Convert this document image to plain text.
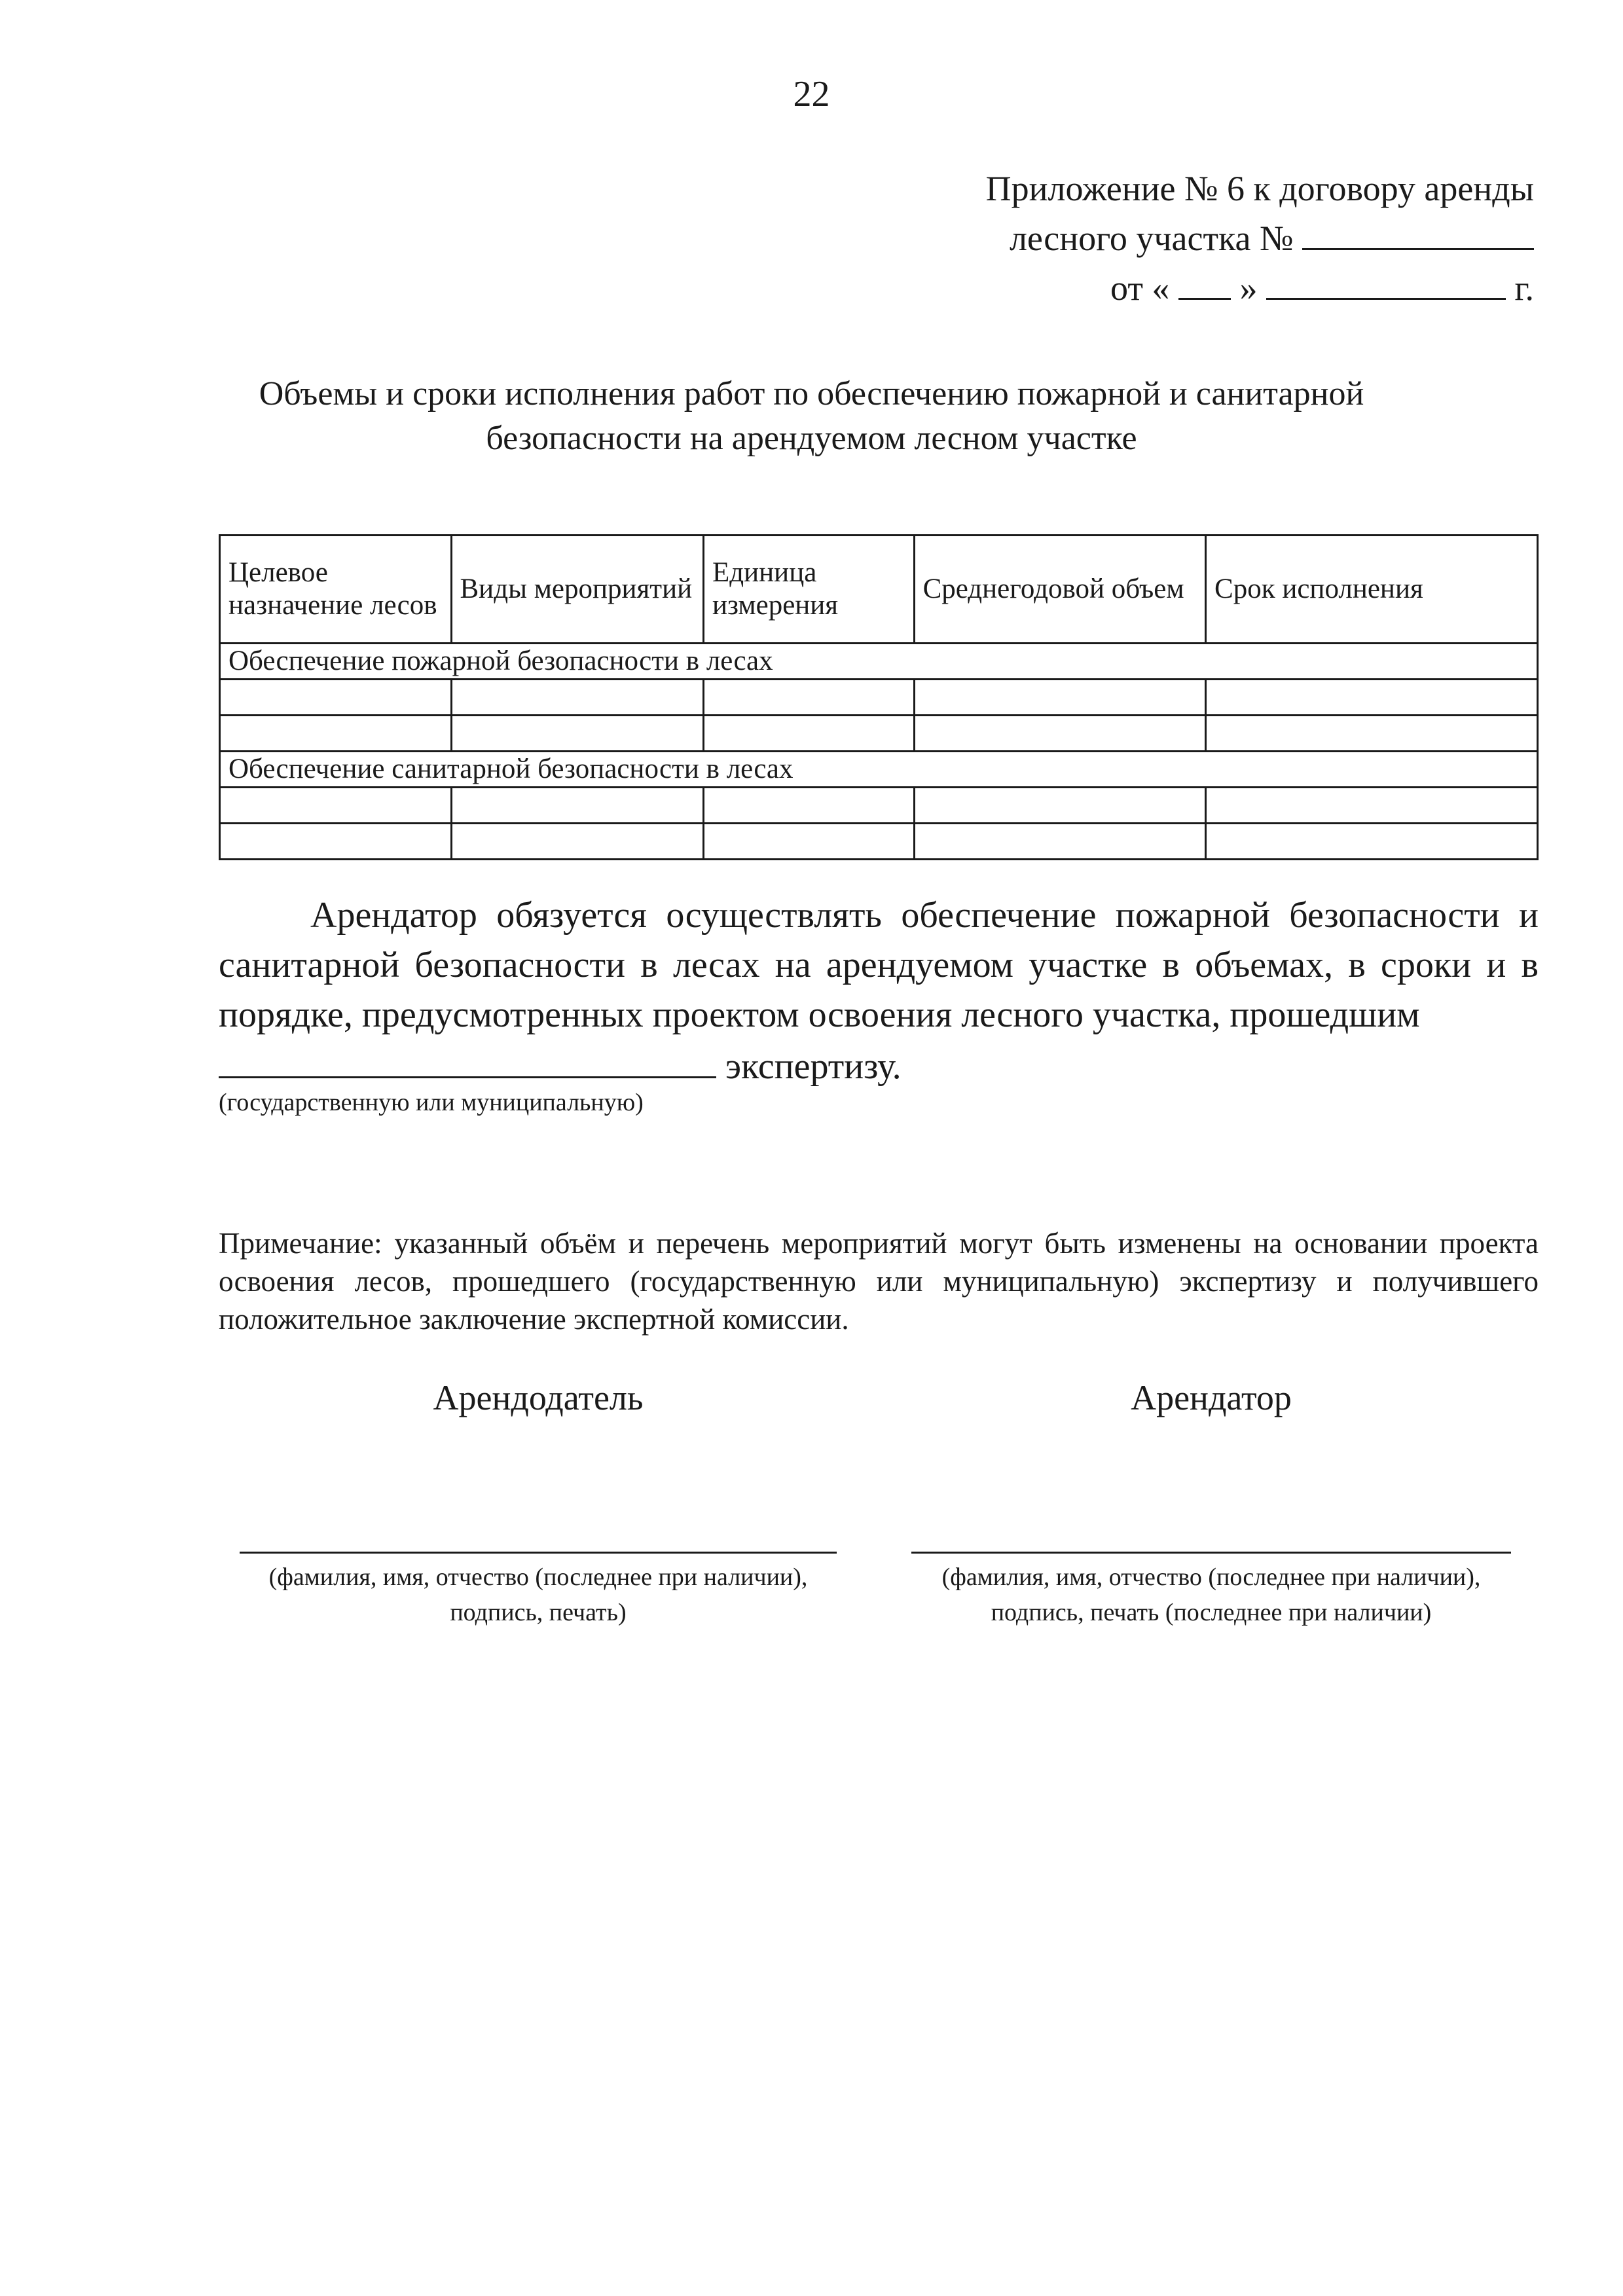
22
Приложение № 6 к договору аренды
лесного участка №
от « »	г.
Объемы и сроки исполнения работ по обеспечению пожарной и санитарной
безопасности на арендуемом лесном участке
Целевое назначение лесов	Виды мероприятий	Единица измерения	Среднегодовой объем	Срок исполнения
Обеспечение пожарной безопасности в лесах				

Обеспечение санитарной безопасности в лесах				

Арендатор обязуется осуществлять обеспечение пожарной безопасности и санитарной безопасности в лесах на арендуемом участке в объемах, в сроки и в порядке, предусмотренных проектом освоения лесного участка, прошедшим

экспертизу.

(государственную или муниципальную)
Примечание: указанный объём и перечень мероприятий могут быть изменены на основании проекта освоения лесов, прошедшего (государственную или муниципальную) экспертизу и получившего положительное заключение экспертной комиссии.
Арендодатель	Арендатор
(фамилия, имя, отчество (последнее при наличии),
подпись, печать)
(фамилия, имя, отчество (последнее при наличии),
подпись, печать (последнее при наличии)
